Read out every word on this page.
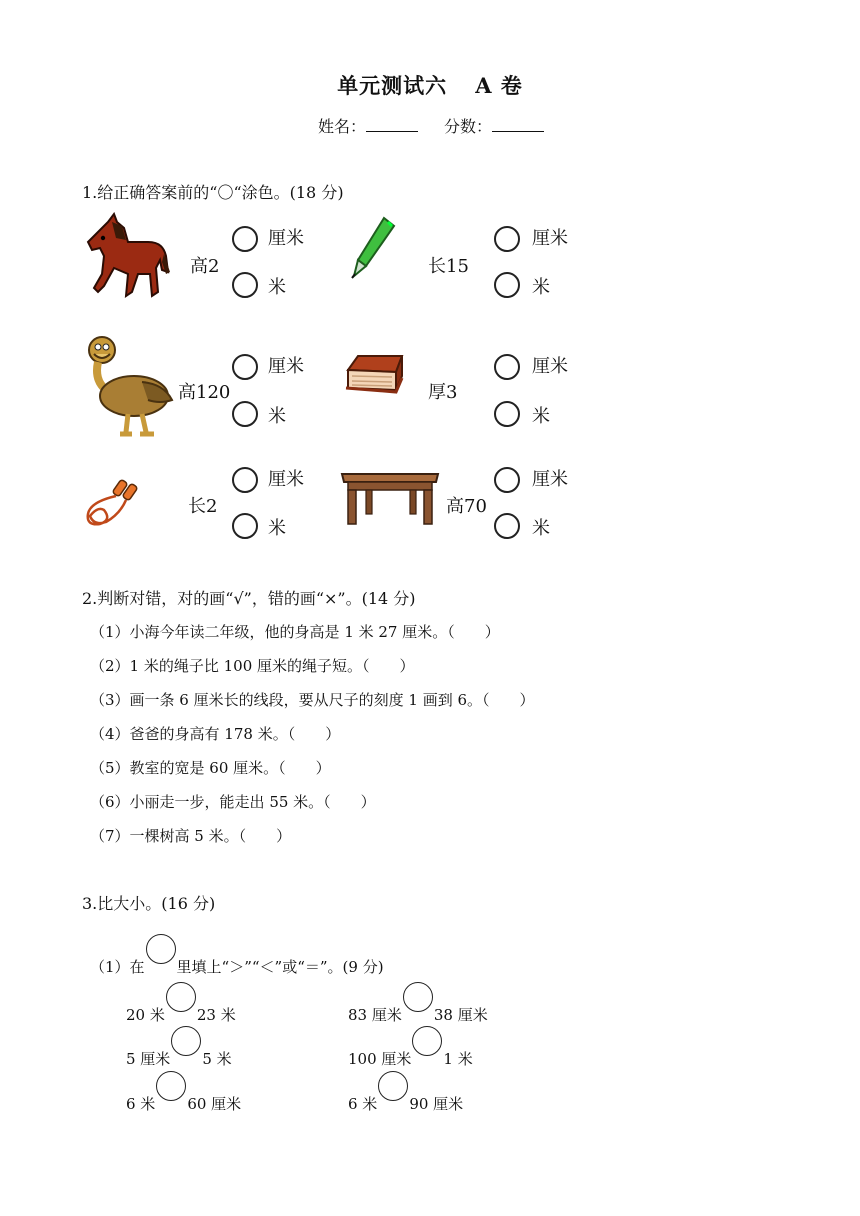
单元测试六 A 卷
姓名：	分数：
1.给正确答案前的“〇“涂色。(18 分)
高2
厘米
米
长15
厘米
米
高120
厘米
米
厚3
厘米
米
长2
厘米
米
高70
厘米
米
2.判断对错，对的画“√”，错的画“×”。(14 分)
（1）小海今年读二年级，他的身高是 1 米 27 厘米。（　　）
（2）1 米的绳子比 100 厘米的绳子短。（　　）
（3）画一条 6 厘米长的线段，要从尺子的刻度 1 画到 6。（　　）
（4）爸爸的身高有 178 米。（　　）
（5）教室的宽是 60 厘米。（　　）
（6）小丽走一步，能走出 55 米。（　　）
（7）一棵树高 5 米。（　　）
3.比大小。(16 分)
（1）在 里填上“＞”“＜”或“＝”。(9 分)
20 米 23 米	83 厘米 38 厘米
5 厘米 5 米	100 厘米 1 米
6 米 60 厘米	6 米 90 厘米
